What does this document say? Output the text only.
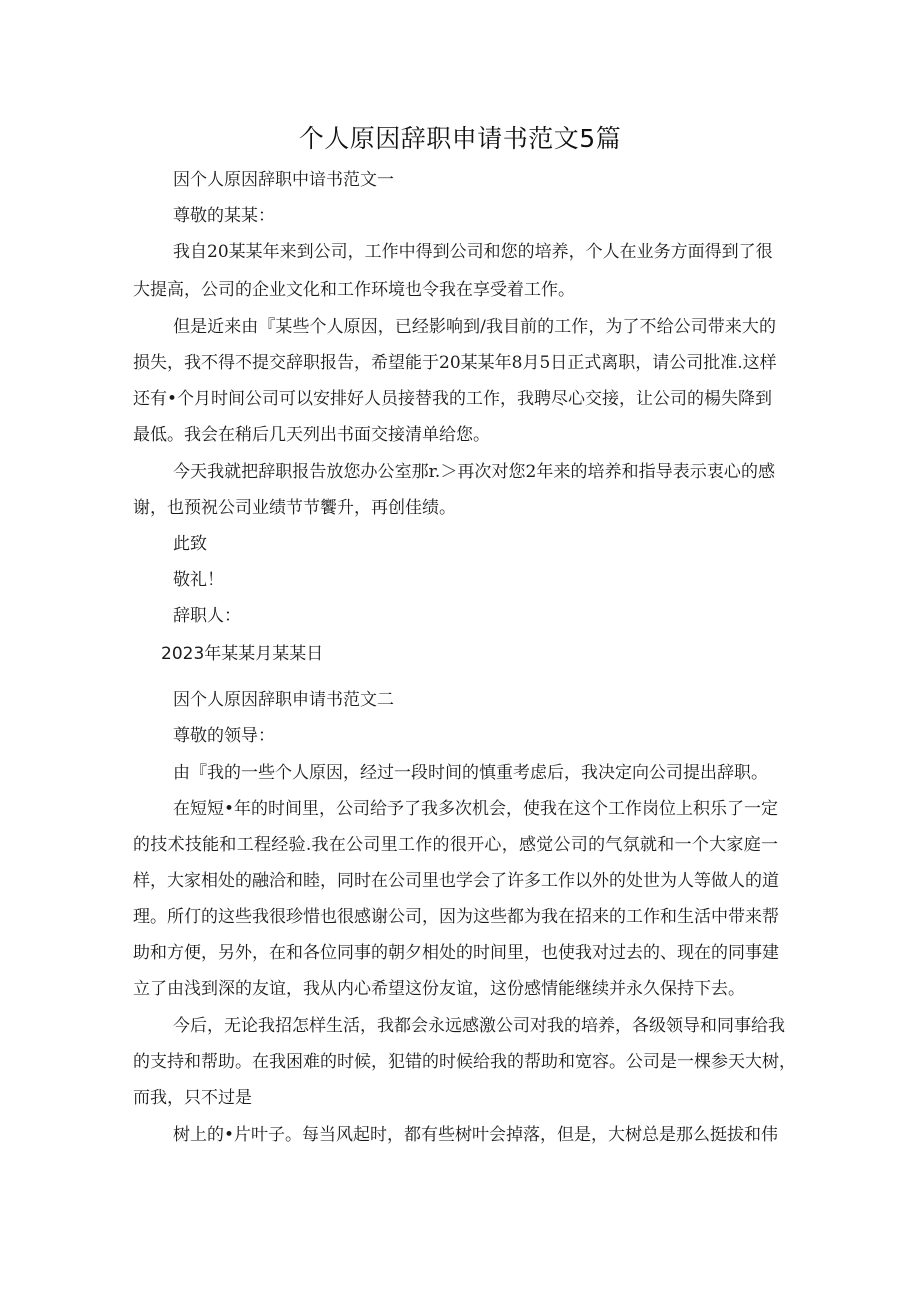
个人原因辞职申请书范文5篇
因个人原因辞职中谙书范文一
尊敬的某某：
我自20某某年来到公司，工作中得到公司和您的培养，个人在业务方面得到了很
大提高，公司的企业文化和工作环境也令我在享受着工作。
但是近来由『某些个人原因，已经影响到/我目前的工作，为了不给公司带来大的
损失，我不得不提交辞职报告，希望能于20某某年8月5日正式离职，请公司批准.这样
还有•个月时间公司可以安排好人员接替我的工作，我聘尽心交接，让公司的楊失降到
最低。我会在稍后几天列出书面交接清单给您。
今天我就把辞职报告放您办公室那r.＞再次对您2年来的培养和指导表示衷心的感
谢，也预祝公司业绩节节饗升，再创佳绩。
此致
敬礼！
辞职人：
2023年某某月某某日
因个人原因辞职申请书范文二
尊敬的领导：
由『我的一些个人原因，经过一段时间的慎重考虑后，我决定向公司提出辞职。
在短短•年的时间里，公司给予了我多次机会，使我在这个工作岗位上积乐了一定
的技术技能和工程经验.我在公司里工作的很开心，感觉公司的气氛就和一个大家庭一
样，大家相处的融洽和睦，同时在公司里也学会了许多工作以外的处世为人等做人的道
理。所仃的这些我很珍惜也很感谢公司，因为这些都为我在招来的工作和生活中带来帮
助和方便，另外，在和各位同事的朝夕相处的时间里，也使我对过去的、现在的同事建
立了由浅到深的友谊，我从内心希望这份友谊，这份感情能继续并永久保持下去。
今后，无论我招怎样生活，我都会永远感激公司对我的培养，各级领导和同事给我
的支持和帮助。在我困难的时候，犯错的时候给我的帮助和宽容。公司是一棵参天大树，
而我，只不过是
树上的•片叶子。每当风起时，都有些树叶会掉落，但是，大树总是那么挺拔和伟
